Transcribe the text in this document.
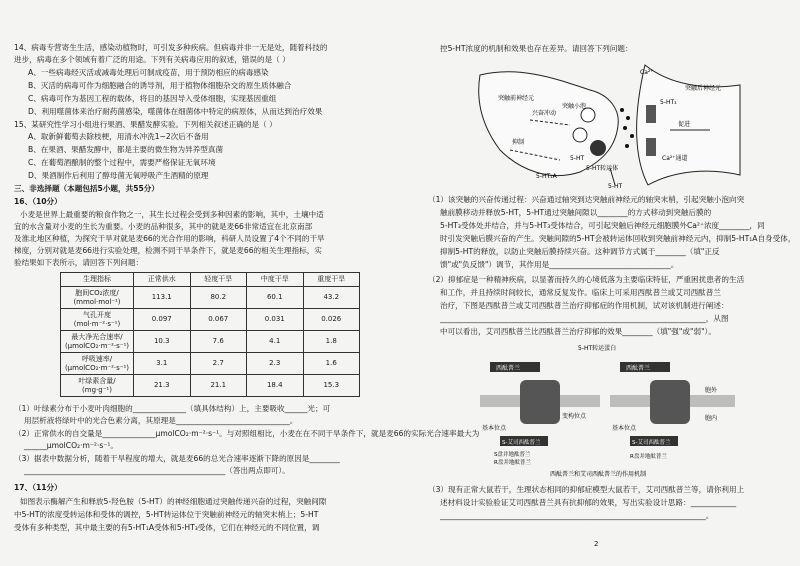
14、病毒专营寄生生活，感染动植物时，可引发多种疾病。但病毒并非一无是处，随着科技的
进步，病毒在多个领域有着广泛的用途。下列有关病毒应用的叙述，错误的是（ ）
A、一些病毒经灭活或减毒处理后可制成疫苗，用于预防相应的病毒感染
B、灭活的病毒可作为细胞融合的诱导剂，用于植物体细胞杂交的原生质体融合
C、病毒可作为基因工程的载体，将目的基因导入受体细胞，实现基因重组
D、利用噬菌体来治疗耐药菌感染，噬菌体在细菌体中特定的病原体，从而达到治疗效果
15、某研究性学习小组进行果酒、果醋发酵实验。下列相关叙述正确的是（ ）
A、取新鲜葡萄去除枝梗，用清水冲洗1~2次后不备用
B、在果酒、果醋发酵中，都是主要的微生物为异养型真菌
C、在葡萄酒酿制的整个过程中，需要严格保证无氧环境
D、果酒制作后利用了醇母菌无氧呼吸产生酒精的原理
三、非选择题（本题包括5小题，共55分）
16、（10分）
小麦是世界上最重要的粮食作物之一，其生长过程会受到多种因素的影响，其中，土壤中适
宜的水含量对小麦的生长为重要。小麦的品种很多，其中的就是麦66非常适宜在北京南部
及淮北地区种植，为探究干旱对就是麦66的光合作用的影响，科研人员设置了4个不同的干旱
梯度，分别对就是麦66进行实验处理，检测不同干旱条件下，就是麦66的相关生理指标，实
验结果如下表所示，请回答下列问题：
生理指标	正常供水	轻度干旱	中度干旱	重度干旱

胞间CO₂浓度/
(mmol·mol⁻¹)	113.1	80.2	60.1	43.2

气孔开度
(mol·m⁻²·s⁻¹)	0.097	0.067	0.031	0.026

最大净光合速率/
(μmolCO₂·m⁻²·s⁻¹)	10.3	7.6	4.1	1.8

呼吸速率/
(μmolCO₂·m⁻²·s⁻¹)	3.1	2.7	2.3	1.6

叶绿素含量/
(mg·g⁻¹)	21.3	21.1	18.4	15.3
（1）叶绿素分布于小麦叶肉细胞的______________（填具体结构）上，主要吸收______光；可
用层析液将绿叶中的光合色素分离，其原理是______________________________。
（2）正常供水的自交量是______________μmolCO₂·m⁻²·s⁻¹。与对照组相比，小麦在在不同干旱条件下，就是麦66的实际光合速率最大为
______μmolCO₂·m⁻²·s⁻¹。
（3）据表中数据分析，随着干旱程度的增大，就是麦66的总光合速率逐渐下降的原因是________
_____________________________________________________（答出两点即可）。
17、（11分）
如图表示酶解产生和释放5-羟色胺（5-HT）的神经细胞通过突触传递兴奋的过程，突触间隙
中5-HT的浓度受转运体和受体的调控，5-HT转运体位于突触前神经元的轴突末梢上；5-HT
受体有多种类型，其中最主要的有5-HT₁A受体和5-HT₃受体，它们在神经元的不同位置，调
控5-HT浓度的机制和效果也存在差异。请回答下列问题：
突触前神经元
兴奋冲动
抑制
突触小泡
5-HT
5-HT转运体
5-HT₁A
Ca²⁺
5-HT₃
突触后神经元
促进
Ca²⁺通道
5-HT
（1）该突触的兴奋传递过程：兴奋通过轴突到达突触前神经元的轴突末梢，引起突触小泡向突
触前膜移动并释放5-HT，5-HT通过突触间隙以________的方式移动到突触后膜的
5-HT₃受体处并结合，并与5-HT₃受体结合，可引起突触后神经元细胞膜外Ca²⁺浓度________，同
时引发突触后膜兴奋的产生。突触间隙的5-HT会被转运体回收到突触前神经元内，抑制5-HT₁A自身受体，
抑制5-HT的释放，以防止突触后膜持续兴奋。这种调节方式属于________（填"正反
馈"或"负反馈"）调节，其作用是________________________________。
（2）抑郁症是一种精神疾病，以显著而持久的心境低落为主要临床特征，严重困扰患者的生活
和工作，并且持续时间较长，通常反复发作。临床上可采用西酞普兰或艾司西酞普兰
治疗，下图是西酞普兰或艾司西酞普兰治疗抑郁症的作用机制，试对该机制进行阐述：
______________________________________________________________________，从图
中可以看出，艾司西酞普兰比西酞普兰治疗抑郁的效果________（填"强"或"弱"）。
5-HT转运蛋白
西酞普兰	西酞普兰
胞外
胞内
基本位点	基本位点
变构位点
S-艾司西酞普兰	S-艾司西酞普兰
S盘并地酞普兰
R盘并地酞普兰
R盘并地酞普兰
西酞普兰和艾司西酞普兰的作用机制
（3）现有正常大鼠若干，生理状态相同的抑郁症模型大鼠若干，艾司西酞普兰等，请你利用上
述材料设计实验验证艾司西酞普兰具有抗抑郁的效果，写出实验设计思路：____________
______________________________________________________________________。
2
